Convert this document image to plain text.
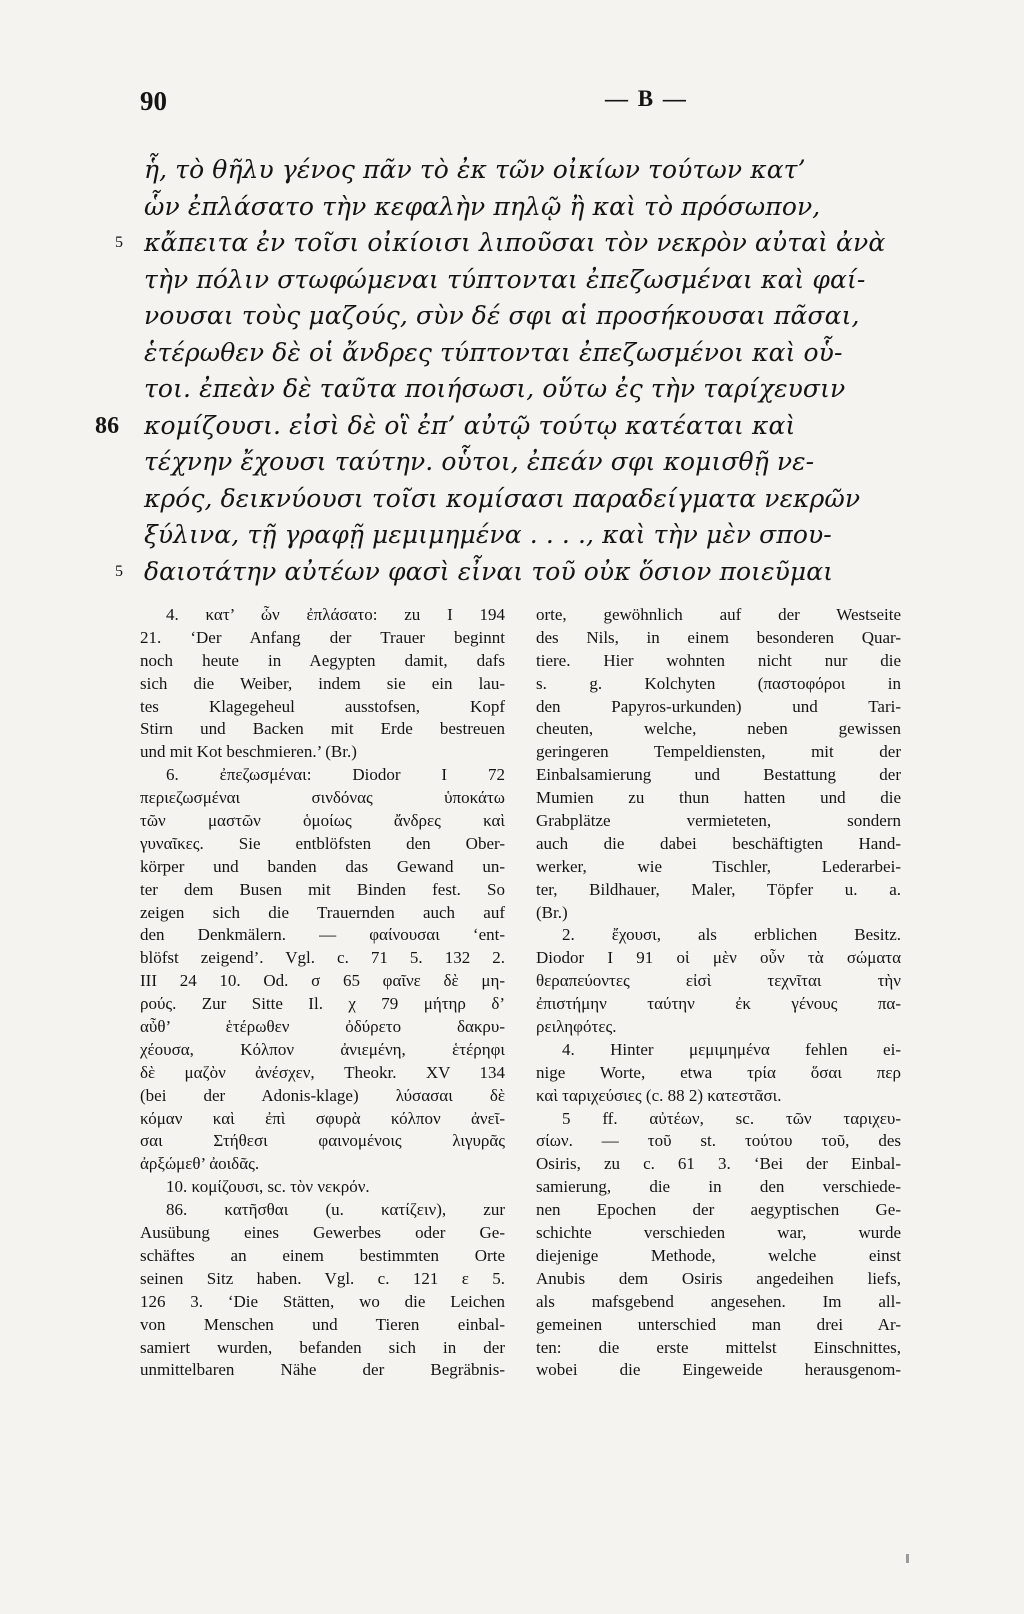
90	— B —
ἧ, τὸ θῆλυ γένος πᾶν τὸ ἐκ τῶν οἰκίων τούτων κατ’
ὧν ἐπλάσατο τὴν κεφαλὴν πηλῷ ἢ καὶ τὸ πρόσωπον,
5 κἄπειτα ἐν τοῖσι οἰκίοισι λιποῦσαι τὸν νεκρὸν αὐταὶ ἀνὰ
τὴν πόλιν στωφώμεναι τύπτονται ἐπεζωσμέναι καὶ φαί-
νουσαι τοὺς μαζούς, σὺν δέ σφι αἱ προσήκουσαι πᾶσαι,
ἑτέρωθεν δὲ οἱ ἄνδρες τύπτονται ἐπεζωσμένοι καὶ οὗ-
τοι. ἐπεὰν δὲ ταῦτα ποιήσωσι, οὕτω ἐς τὴν ταρίχευσιν
86 κομίζουσι. εἰσὶ δὲ οἳ ἐπ’ αὐτῷ τούτῳ κατέαται καὶ
τέχνην ἔχουσι ταύτην. οὗτοι, ἐπεάν σφι κομισθῇ νε-
κρός, δεικνύουσι τοῖσι κομίσασι παραδείγματα νεκρῶν
ξύλινα, τῇ γραφῇ μεμιμημένα . . . ., καὶ τὴν μὲν σπου-
5 δαιοτάτην αὐτέων φασὶ εἶναι τοῦ οὐκ ὅσιον ποιεῦμαι
4. κατ’ ὧν ἐπλάσατο: zu I 194
21. ‘Der Anfang der Trauer beginnt
noch heute in Aegypten damit, dafs
sich die Weiber, indem sie ein lau-
tes Klagegeheul ausstofsen, Kopf
Stirn und Backen mit Erde bestreuen
und mit Kot beschmieren.’ (Br.)
6. ἐπεζωσμέναι: Diodor I 72
περιεζωσμέναι σινδόνας ὑποκάτω
τῶν μαστῶν ὁμοίως ἄνδρες καὶ
γυναῖκες. Sie entblöfsten den Ober-
körper und banden das Gewand un-
ter dem Busen mit Binden fest. So
zeigen sich die Trauernden auch auf
den Denkmälern. — φαίνουσαι ‘ent-
blöfst zeigend’. Vgl. c. 71 5. 132 2.
III 24 10. Od. σ 65 φαῖνε δὲ μη-
ρούς. Zur Sitte Il. χ 79 μήτηρ δ’
αὖθ’ ἑτέρωθεν ὀδύρετο δακρυ-
χέουσα, Κόλπον ἀνιεμένη, ἑτέρηφι
δὲ μαζὸν ἀνέσχεν, Theokr. XV 134
(bei der Adonis-klage) λύσασαι δὲ
κόμαν καὶ ἐπὶ σφυρὰ κόλπον ἀνεῖ-
σαι Στήθεσι φαινομένοις λιγυρᾶς
ἀρξώμεθ’ ἀοιδᾶς.
10. κομίζουσι, sc. τὸν νεκρόν.
86. κατῆσθαι (u. κατίζειν), zur
Ausübung eines Gewerbes oder Ge-
schäftes an einem bestimmten Orte
seinen Sitz haben. Vgl. c. 121 ε 5.
126 3. ‘Die Stätten, wo die Leichen
von Menschen und Tieren einbal-
samiert wurden, befanden sich in der
unmittelbaren Nähe der Begräbnis-
orte, gewöhnlich auf der Westseite
des Nils, in einem besonderen Quar-
tiere. Hier wohnten nicht nur die
s. g. Kolchyten (παστοφόροι in
den Papyros-urkunden) und Tari-
cheuten, welche, neben gewissen
geringeren Tempeldiensten, mit der
Einbalsamierung und Bestattung der
Mumien zu thun hatten und die
Grabplätze vermieteten, sondern
auch die dabei beschäftigten Hand-
werker, wie Tischler, Lederarbei-
ter, Bildhauer, Maler, Töpfer u. a.
(Br.)
2. ἔχουσι, als erblichen Besitz.
Diodor I 91 οἱ μὲν οὖν τὰ σώματα
θεραπεύοντες εἰσὶ τεχνῖται τὴν
ἐπιστήμην ταύτην ἐκ γένους πα-
ρειληφότες.
4. Hinter μεμιμημένα fehlen ei-
nige Worte, etwa τρία ὅσαι περ
καὶ ταριχεύσιες (c. 88 2) κατεστᾶσι.
5 ff. αὐτέων, sc. τῶν ταριχευ-
σίων. — τοῦ st. τούτου τοῦ, des
Osiris, zu c. 61 3. ‘Bei der Einbal-
samierung, die in den verschiede-
nen Epochen der aegyptischen Ge-
schichte verschieden war, wurde
diejenige Methode, welche einst
Anubis dem Osiris angedeihen liefs,
als mafsgebend angesehen. Im all-
gemeinen unterschied man drei Ar-
ten: die erste mittelst Einschnittes,
wobei die Eingeweide herausgenom-
